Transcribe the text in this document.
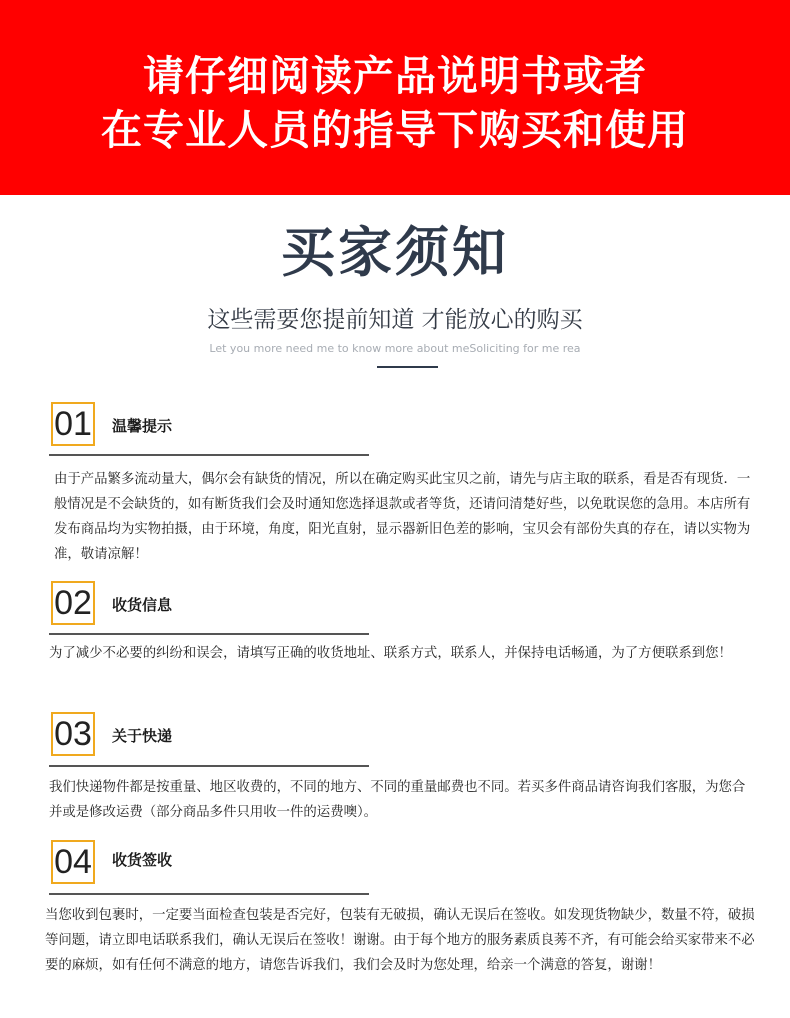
请仔细阅读产品说明书或者
在专业人员的指导下购买和使用
买家须知
这些需要您提前知道 才能放心的购买
Let you more need me to know more about meSoliciting for me rea
01 温馨提示
由于产品繁多流动量大，偶尔会有缺货的情况，所以在确定购买此宝贝之前，请先与店主取的联系，看是否有现货．一般情况是不会缺货的，如有断货我们会及时通知您选择退款或者等货，还请问清楚好些，以免耽误您的急用。本店所有发布商品均为实物拍摄，由于环境，角度，阳光直射，显示器新旧色差的影响，宝贝会有部份失真的存在，请以实物为准，敬请凉解！
02 收货信息
为了减少不必要的纠纷和误会，请填写正确的收货地址、联系方式，联系人，并保持电话畅通，为了方便联系到您！
03 关于快递
我们快递物件都是按重量、地区收费的，不同的地方、不同的重量邮费也不同。若买多件商品请咨询我们客服，为您合并或是修改运费（部分商品多件只用收一件的运费噢）。
04 收货签收
当您收到包裹时，一定要当面检查包装是否完好，包装有无破损，确认无误后在签收。如发现货物缺少，数量不符，破损等问题，请立即电话联系我们，确认无误后在签收！谢谢。由于每个地方的服务素质良莠不齐，有可能会给买家带来不必要的麻烦，如有任何不满意的地方，请您告诉我们，我们会及时为您处理，给亲一个满意的答复，谢谢！
